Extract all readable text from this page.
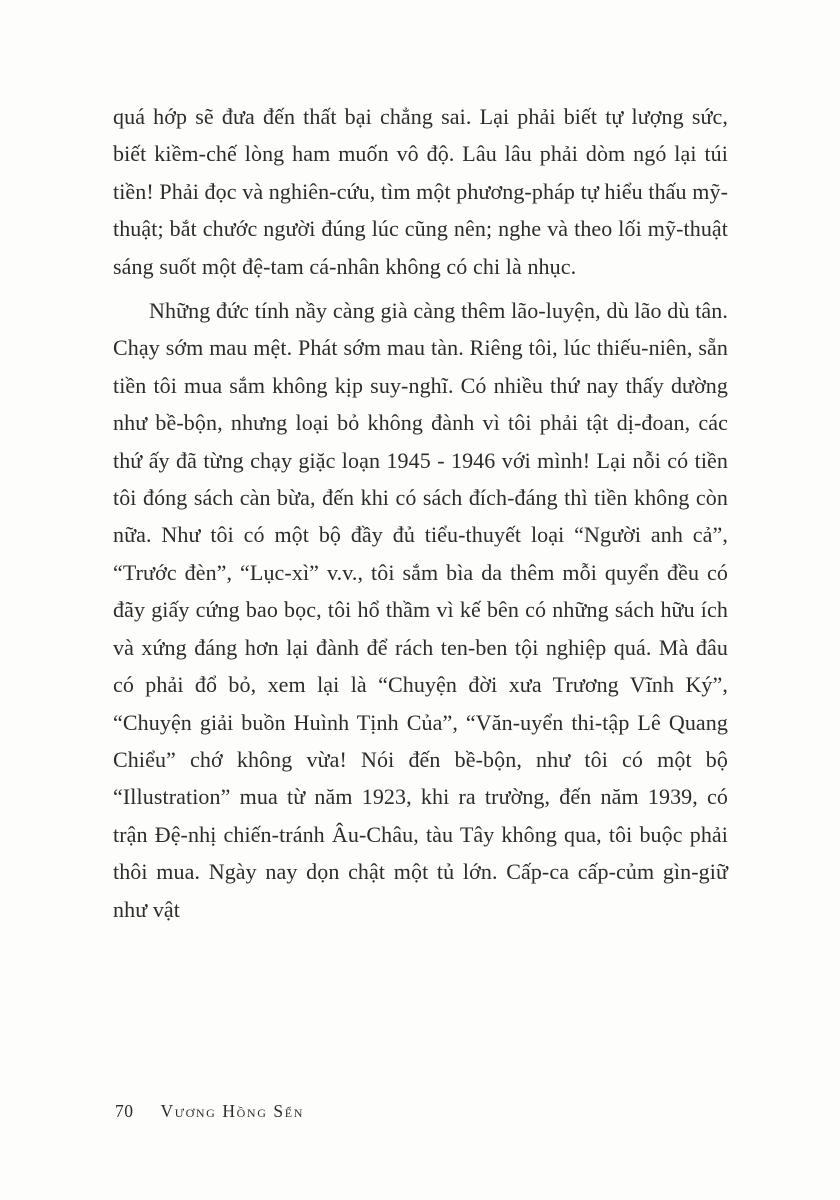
quá hớp sẽ đưa đến thất bại chẳng sai. Lại phải biết tự lượng sức, biết kiềm-chế lòng ham muốn vô độ. Lâu lâu phải dòm ngó lại túi tiền! Phải đọc và nghiên-cứu, tìm một phương-pháp tự hiểu thấu mỹ-thuật; bắt chước người đúng lúc cũng nên; nghe và theo lối mỹ-thuật sáng suốt một đệ-tam cá-nhân không có chi là nhục.

Những đức tính nầy càng già càng thêm lão-luyện, dù lão dù tân. Chạy sớm mau mệt. Phát sớm mau tàn. Riêng tôi, lúc thiếu-niên, sẵn tiền tôi mua sắm không kịp suy-nghĩ. Có nhiều thứ nay thấy dường như bề-bộn, nhưng loại bỏ không đành vì tôi phải tật dị-đoan, các thứ ấy đã từng chạy giặc loạn 1945 - 1946 với mình! Lại nỗi có tiền tôi đóng sách càn bừa, đến khi có sách đích-đáng thì tiền không còn nữa. Như tôi có một bộ đầy đủ tiểu-thuyết loại “Người anh cả”, “Trước đèn”, “Lục-xì” v.v., tôi sắm bìa da thêm mỗi quyển đều có đãy giấy cứng bao bọc, tôi hổ thầm vì kế bên có những sách hữu ích và xứng đáng hơn lại đành để rách ten-ben tội nghiệp quá. Mà đâu có phải đổ bỏ, xem lại là “Chuyện đời xưa Trương Vĩnh Ký”, “Chuyện giải buồn Huình Tịnh Của”, “Văn-uyển thi-tập Lê Quang Chiểu” chớ không vừa! Nói đến bề-bộn, như tôi có một bộ “Illustration” mua từ năm 1923, khi ra trường, đến năm 1939, có trận Đệ-nhị chiến-tránh Âu-Châu, tàu Tây không qua, tôi buộc phải thôi mua. Ngày nay dọn chật một tủ lớn. Cấp-ca cấp-củm gìn-giữ như vật

70 Vương Hồng Sển
